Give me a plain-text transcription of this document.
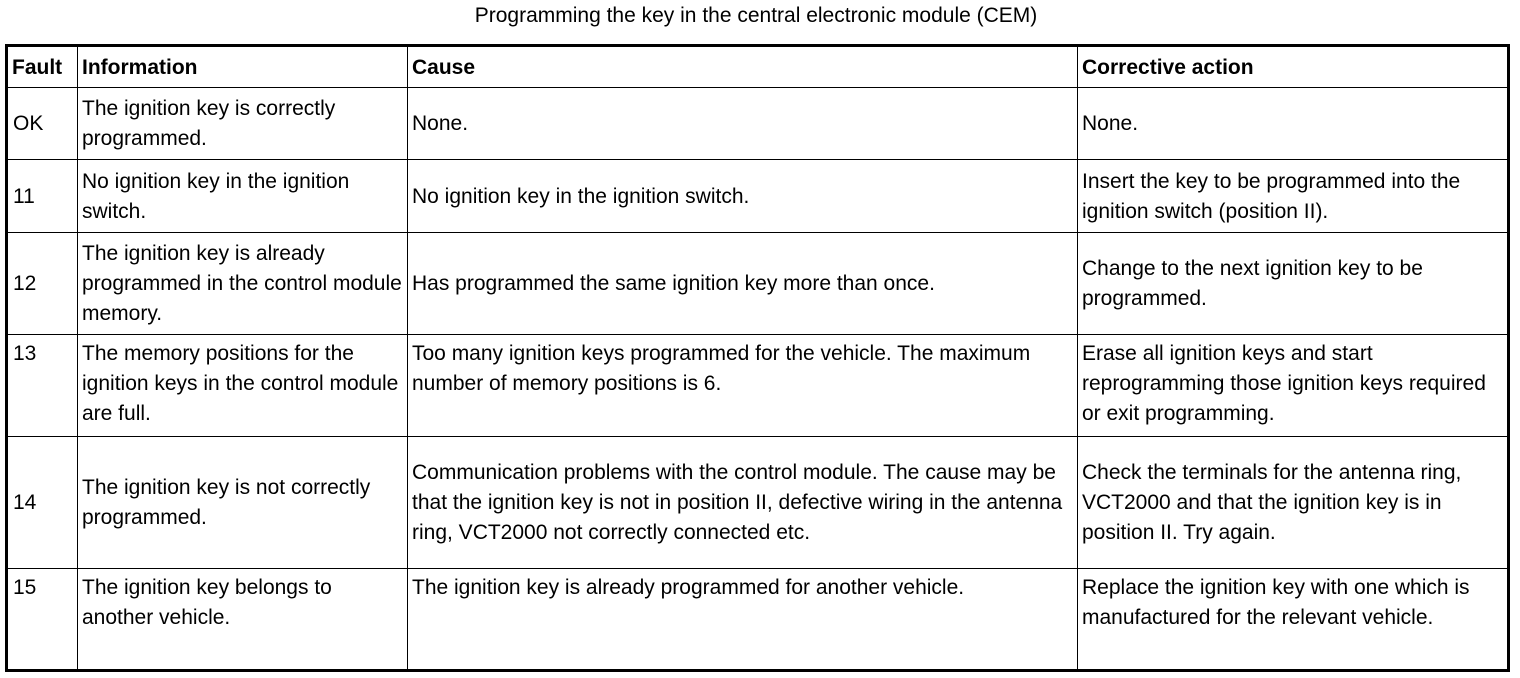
Programming the key in the central electronic module (CEM)
Fault	Information	Cause	Corrective action
OK	The ignition key is correctly programmed.	None.	None.
11	No ignition key in the ignition switch.	No ignition key in the ignition switch.	Insert the key to be programmed into the ignition switch (position II).
12	The ignition key is already programmed in the control module memory.	Has programmed the same ignition key more than once.	Change to the next ignition key to be programmed.
13	The memory positions for the ignition keys in the control module are full.	Too many ignition keys programmed for the vehicle. The maximum number of memory positions is 6.	Erase all ignition keys and start reprogramming those ignition keys required or exit programming.
14	The ignition key is not correctly programmed.	Communication problems with the control module. The cause may be that the ignition key is not in position II, defective wiring in the antenna ring, VCT2000 not correctly connected etc.	Check the terminals for the antenna ring, VCT2000 and that the ignition key is in position II. Try again.
15	The ignition key belongs to another vehicle.	The ignition key is already programmed for another vehicle.	Replace the ignition key with one which is manufactured for the relevant vehicle.
